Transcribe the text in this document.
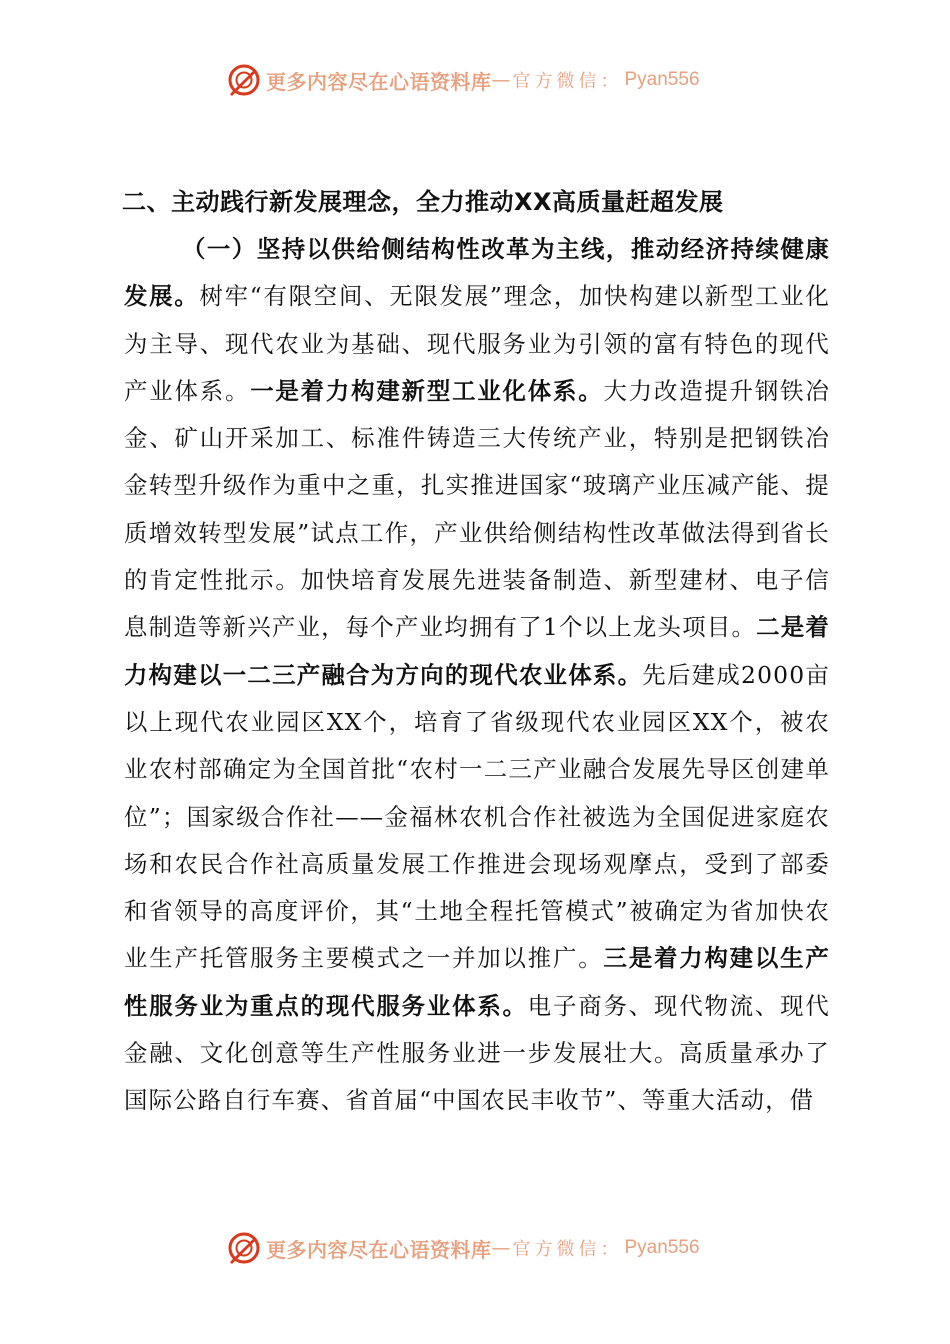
更多内容尽在心语资料库 — 官方微信： Pyan556
二、主动践行新发展理念，全力推动XX高质量赶超发展

（一）坚持以供给侧结构性改革为主线，推动经济持续健康发展。树牢“有限空间、无限发展”理念，加快构建以新型工业化为主导、现代农业为基础、现代服务业为引领的富有特色的现代产业体系。一是着力构建新型工业化体系。大力改造提升钢铁冶金、矿山开采加工、标准件铸造三大传统产业，特别是把钢铁冶金转型升级作为重中之重，扎实推进国家“玻璃产业压减产能、提质增效转型发展”试点工作，产业供给侧结构性改革做法得到省长的肯定性批示。加快培育发展先进装备制造、新型建材、电子信息制造等新兴产业，每个产业均拥有了1个以上龙头项目。二是着力构建以一二三产融合为方向的现代农业体系。先后建成2000亩以上现代农业园区XX个，培育了省级现代农业园区XX个，被农业农村部确定为全国首批“农村一二三产业融合发展先导区创建单位”；国家级合作社——金福林农机合作社被选为全国促进家庭农场和农民合作社高质量发展工作推进会现场观摩点，受到了部委和省领导的高度评价，其“土地全程托管模式”被确定为省加快农业生产托管服务主要模式之一并加以推广。三是着力构建以生产性服务业为重点的现代服务业体系。电子商务、现代物流、现代金融、文化创意等生产性服务业进一步发展壮大。高质量承办了国际公路自行车赛、省首届“中国农民丰收节”、等重大活动，借

更多内容尽在心语资料库 — 官方微信： Pyan556
